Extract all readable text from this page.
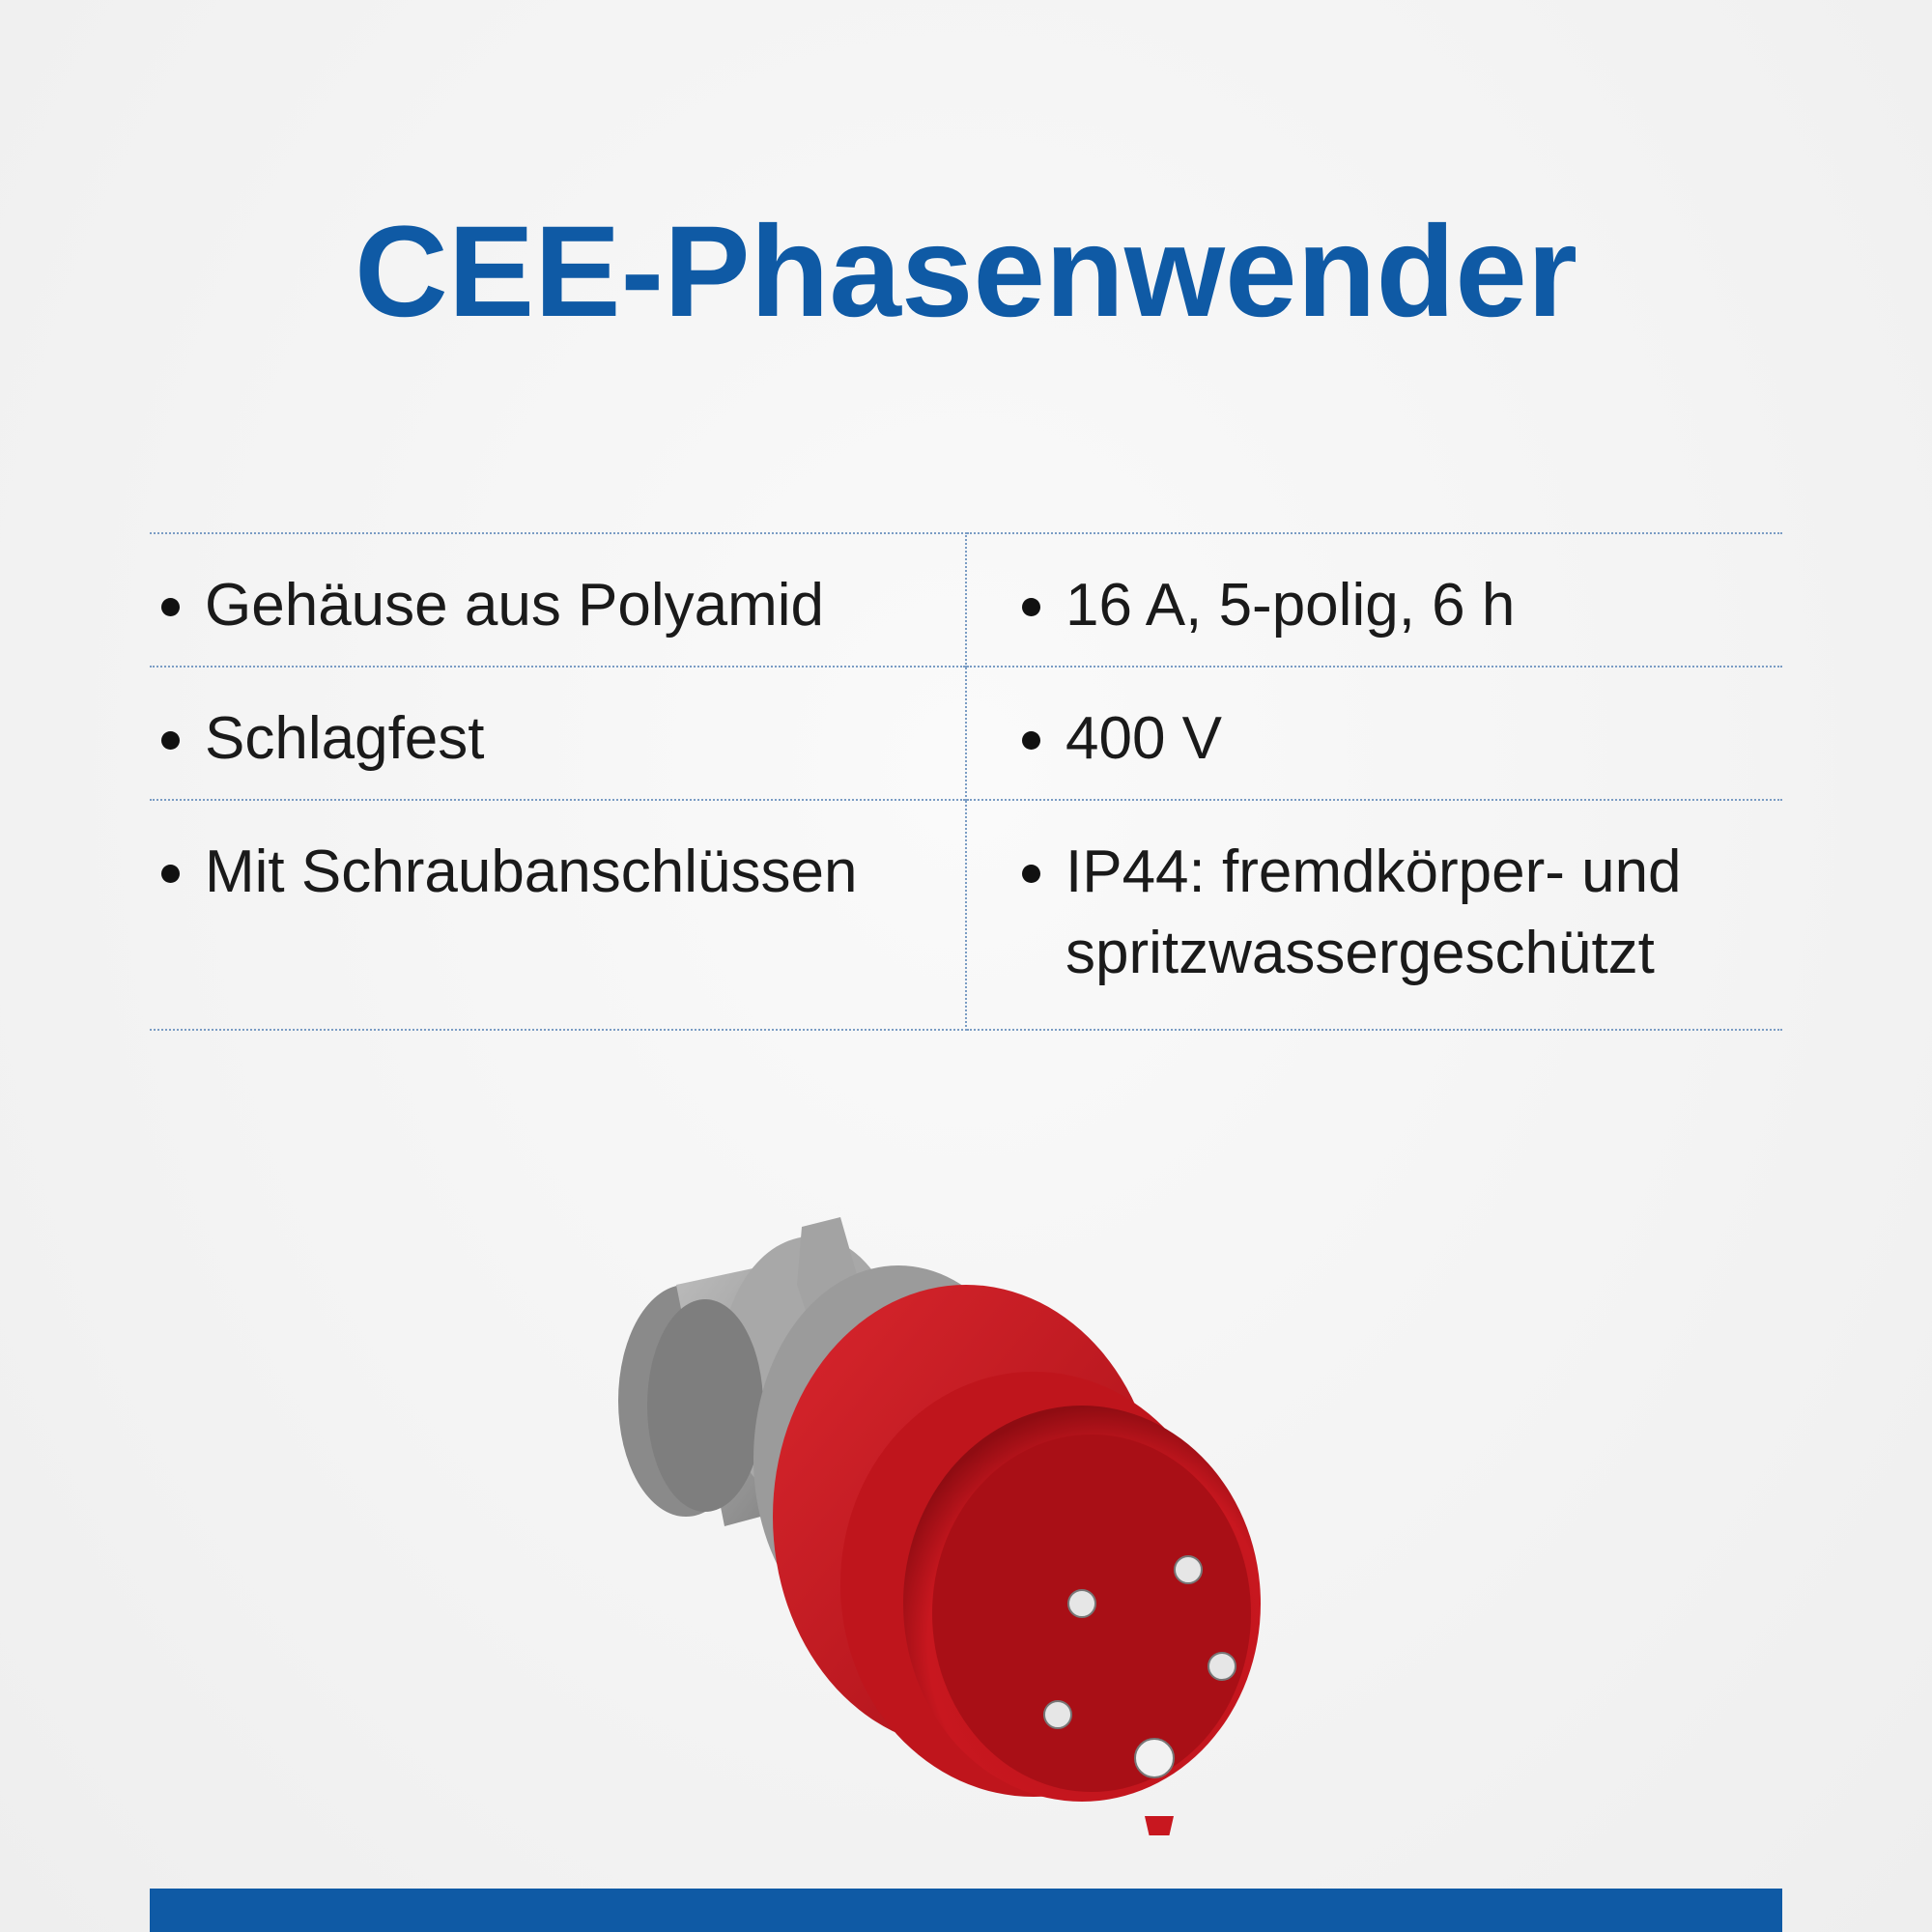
CEE-Phasenwender
Gehäuse aus Polyamid	16 A, 5-polig, 6 h

Schlagfest	400 V

Mit Schraubanschlüssen	IP44: fremdkörper- und spritzwassergeschützt
